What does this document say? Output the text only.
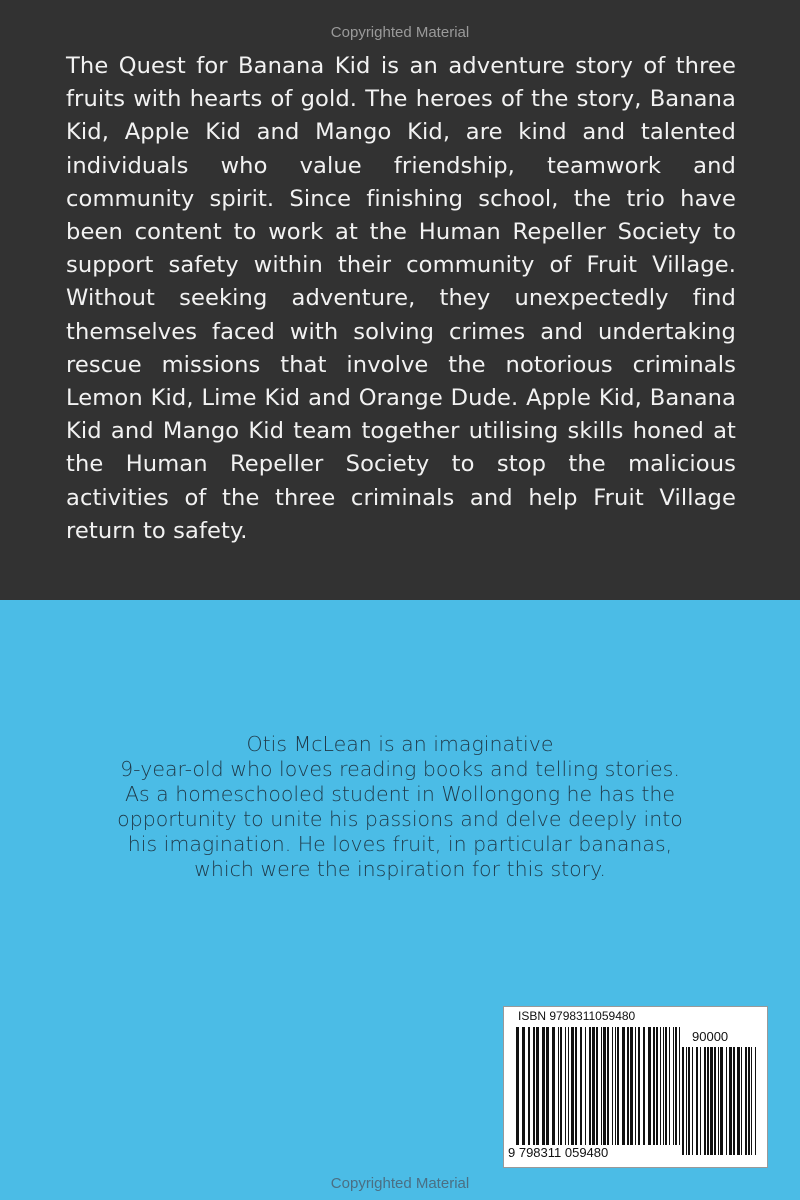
Copyrighted Material

The Quest for Banana Kid is an adventure story of three fruits with hearts of gold. The heroes of the story, Banana Kid, Apple Kid and Mango Kid, are kind and talented individuals who value friendship, teamwork and community spirit. Since finishing school, the trio have been content to work at the Human Repeller Society to support safety within their community of Fruit Village. Without seeking adventure, they unexpectedly find themselves faced with solving crimes and undertaking rescue missions that involve the notorious criminals Lemon Kid, Lime Kid and Orange Dude. Apple Kid, Banana Kid and Mango Kid team together utilising skills honed at the Human Repeller Society to stop the malicious activities of the three criminals and help Fruit Village return to safety.

Otis McLean is an imaginative
9-year-old who loves reading books and telling stories.
As a homeschooled student in Wollongong he has the
opportunity to unite his passions and delve deeply into
his imagination. He loves fruit, in particular bananas,
which were the inspiration for this story.

ISBN 9798311059480
90000
9 798311 059480
Copyrighted Material
